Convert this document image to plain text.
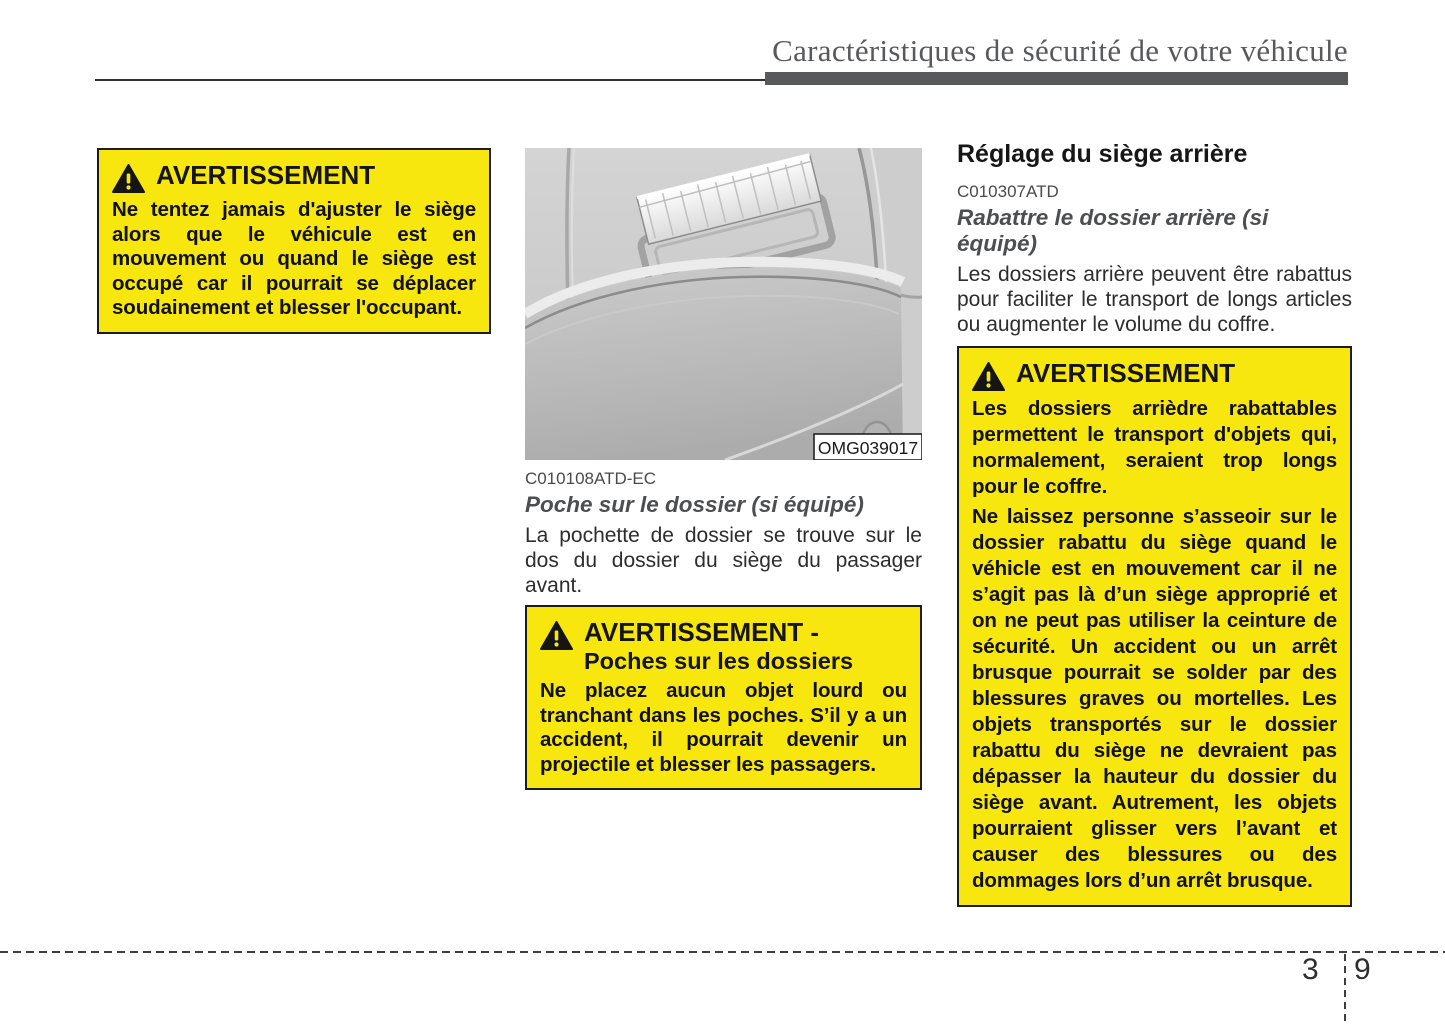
Caractéristiques de sécurité de votre véhicule
AVERTISSEMENT
Ne tentez jamais d'ajuster le siège alors que le véhicule est en mouvement ou quand le siège est occupé car il pourrait se déplacer soudainement et blesser l'occupant.
OMG039017
C010108ATD-EC
Poche sur le dossier (si équipé)
La pochette de dossier se trouve sur le dos du dossier du siège du passager avant.
AVERTISSEMENT -
Poches sur les dossiers
Ne placez aucun objet lourd ou tranchant dans les poches. S’il y a un accident, il pourrait devenir un projectile et blesser les passagers.
Réglage du siège arrière
C010307ATD
Rabattre le dossier arrière (si équipé)
Les dossiers arrière peuvent être rabattus pour faciliter le transport de longs articles ou augmenter le volume du coffre.
AVERTISSEMENT
Les dossiers arrièdre rabattables permettent le transport d'objets qui, normalement, seraient trop longs pour le coffre.
Ne laissez personne s’asseoir sur le dossier rabattu du siège quand le véhicle est en mouvement car il ne s’agit pas là d’un siège approprié et on ne peut pas utiliser la ceinture de sécurité. Un accident ou un arrêt brusque pourrait se solder par des blessures graves ou mortelles. Les objets transportés sur le dossier rabattu du siège ne devraient pas dépasser la hauteur du dossier du siège avant. Autrement, les objets pourraient glisser vers l’avant et causer des blessures ou des dommages lors d’un arrêt brusque.
3 9
